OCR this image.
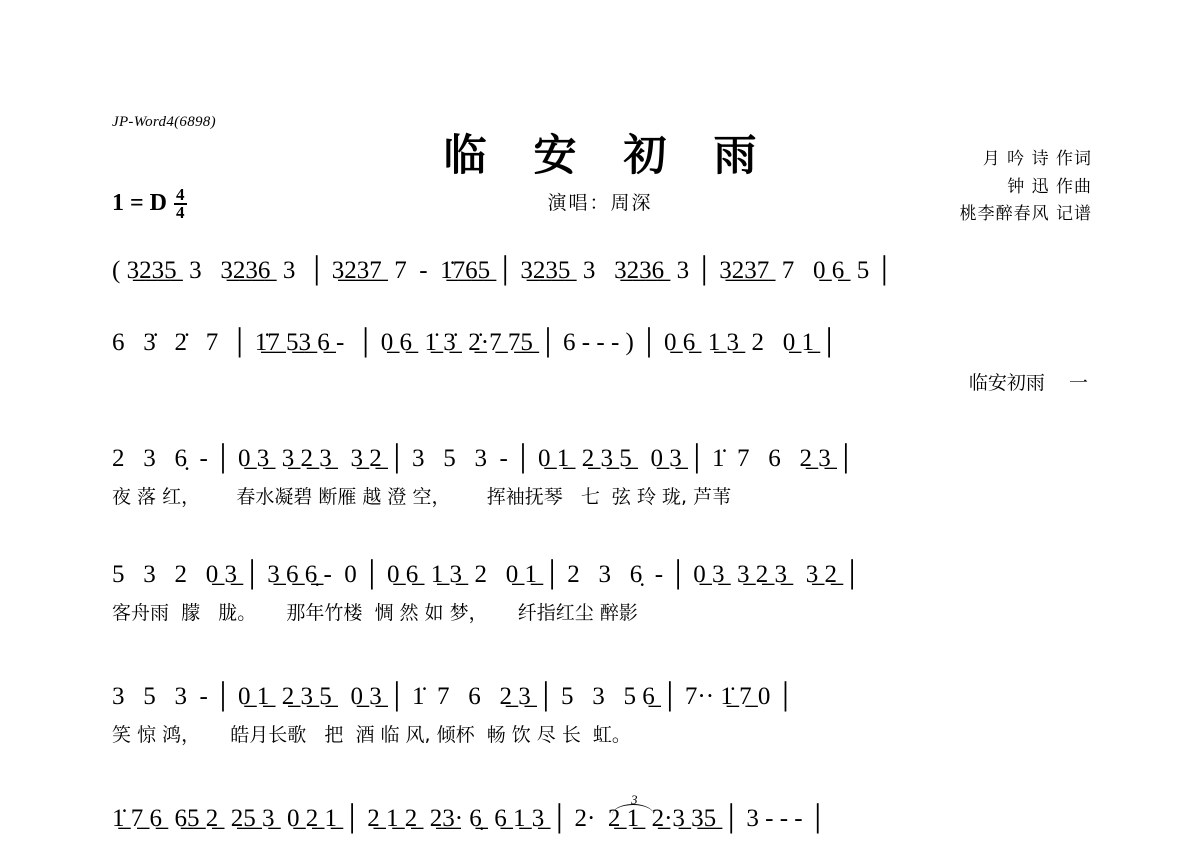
JP-Word4(6898)
临 安 初 雨
演唱：周深
1 = D $\frac{4}{4}$
月 吟 诗 作词
钟 迅 作曲
桃李醉春风 记谱
( 3̲2̲3̲5̲  3   3̲2̲3̲6̲  3  │ 3̲2̲3̲7̲  7  -  1̲̇7̲6̲5̲ │ 3̲2̲3̲5̲  3   3̲2̲3̲6̲  3 │ 3̲2̲3̲7̲  7   0̲ 6̲  5 │
6   3̇   2̇   7  │ 1̲̇7̲ 5̲3̲ 6̲ -  │ 0̲ 6̲  1̲̇ 3̲̇  2̲̇·7̲ 7̲5̲ │ 6 - - - ) │ 0̲ 6̲  1̲ 3̲  2   0̲ 1̲ │
临安初雨    一
2   3   6̣  - │ 0̲ 3̲  3̲ 2̲ 3̲   3̲ 2̲ │ 3   5   3  - │ 0̲ 1̲  2̲ 3̲ 5̲   0̲ 3̲ │ 1̇  7   6   2̲ 3̲ │
夜 落 红，      春水凝碧 断雁 越 澄 空，      挥袖抚琴   七  弦 玲 珑, 芦苇
5   3   2   0̲ 3̲ │ 3̲ 6̲ 6̣̲ -  0 │ 0̲ 6̲  1̲ 3̲  2   0̲ 1̲ │ 2   3   6̣  - │ 0̲ 3̲  3̲ 2̲ 3̲   3̲ 2̲ │
客舟雨  朦   胧。     那年竹楼  惆 然 如 梦，     纤指红尘 醉影
3   5   3  - │ 0̲ 1̲  2̲ 3̲ 5̲   0̲ 3̲ │ 1̇  7   6   2̲ 3̲ │ 5   3   5 6̲ │ 7·· 1̲̇ 7̲ 0 │
笑 惊 鸿，     皓月长歌   把  酒 临 风, 倾杯  畅 饮 尽 长  虹。
1̲̇ 7̲ 6̲  6̲5̲ 2̲  2̲5̲ 3̲  0̲ 2̲ 1̲ │ 2̲ 1̲ 2̲  2̲3̲· 6̣̲  6̲ 1̲ 3̲ │ 2·  2̲ 1̲  2̲·3̲ 3̲5̲ │ 3 - - - │
3
